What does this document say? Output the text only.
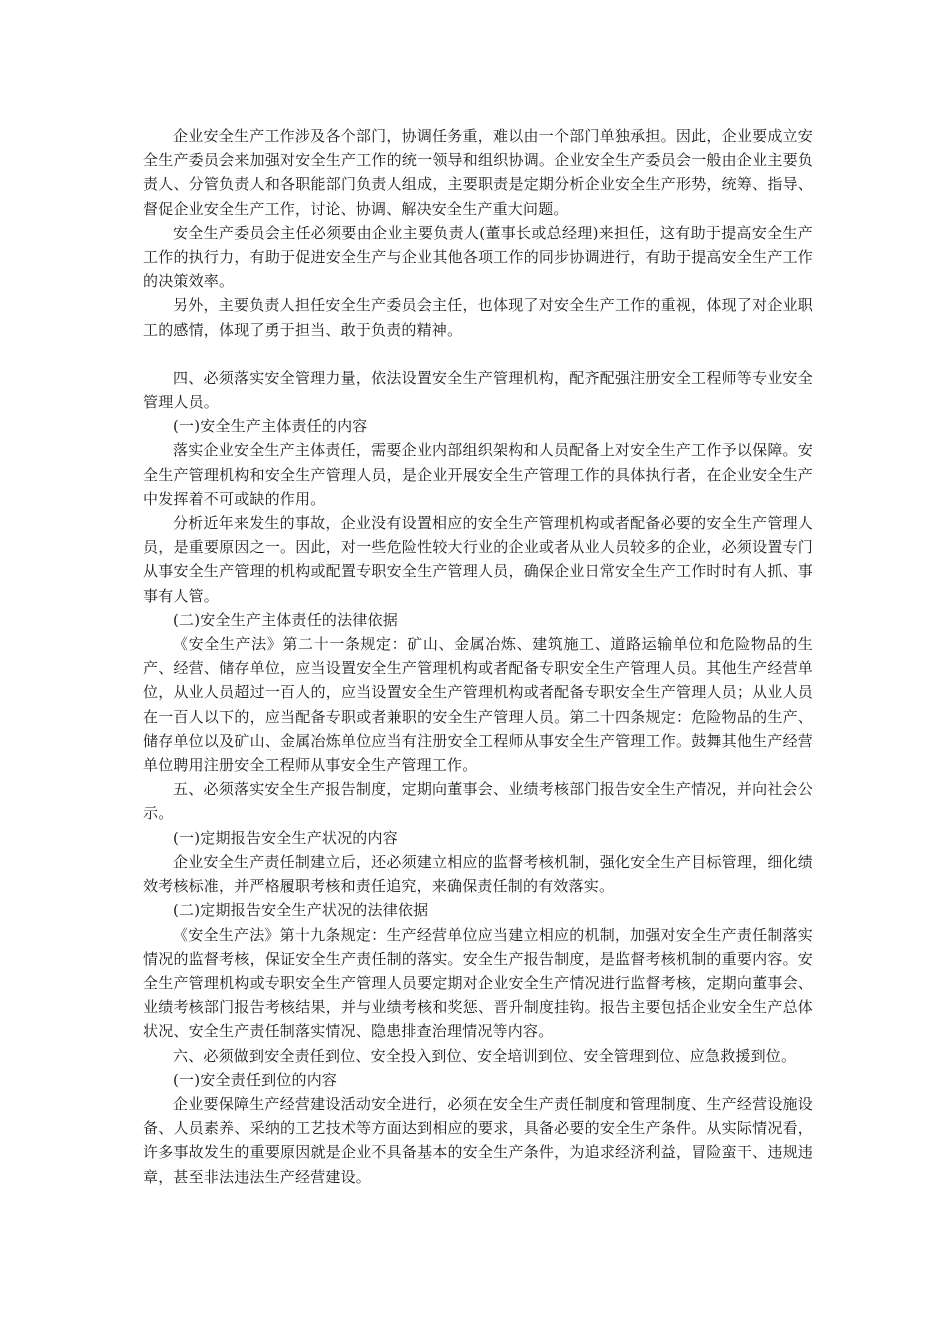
企业安全生产工作涉及各个部门，协调任务重，难以由一个部门单独承担。因此，企业要成立安全生产委员会来加强对安全生产工作的统一领导和组织协调。企业安全生产委员会一般由企业主要负责人、分管负责人和各职能部门负责人组成，主要职责是定期分析企业安全生产形势，统筹、指导、督促企业安全生产工作，讨论、协调、解决安全生产重大问题。

安全生产委员会主任必须要由企业主要负责人(董事长或总经理)来担任，这有助于提高安全生产工作的执行力，有助于促进安全生产与企业其他各项工作的同步协调进行，有助于提高安全生产工作的决策效率。

另外，主要负责人担任安全生产委员会主任，也体现了对安全生产工作的重视，体现了对企业职工的感情，体现了勇于担当、敢于负责的精神。

四、必须落实安全管理力量，依法设置安全生产管理机构，配齐配强注册安全工程师等专业安全管理人员。

(一)安全生产主体责任的内容

落实企业安全生产主体责任，需要企业内部组织架构和人员配备上对安全生产工作予以保障。安全生产管理机构和安全生产管理人员，是企业开展安全生产管理工作的具体执行者，在企业安全生产中发挥着不可或缺的作用。

分析近年来发生的事故，企业没有设置相应的安全生产管理机构或者配备必要的安全生产管理人员，是重要原因之一。因此，对一些危险性较大行业的企业或者从业人员较多的企业，必须设置专门从事安全生产管理的机构或配置专职安全生产管理人员，确保企业日常安全生产工作时时有人抓、事事有人管。

(二)安全生产主体责任的法律依据

《安全生产法》第二十一条规定：矿山、金属冶炼、建筑施工、道路运输单位和危险物品的生产、经营、储存单位，应当设置安全生产管理机构或者配备专职安全生产管理人员。其他生产经营单位，从业人员超过一百人的，应当设置安全生产管理机构或者配备专职安全生产管理人员；从业人员在一百人以下的，应当配备专职或者兼职的安全生产管理人员。第二十四条规定：危险物品的生产、储存单位以及矿山、金属冶炼单位应当有注册安全工程师从事安全生产管理工作。鼓舞其他生产经营单位聘用注册安全工程师从事安全生产管理工作。

五、必须落实安全生产报告制度，定期向董事会、业绩考核部门报告安全生产情况，并向社会公示。

(一)定期报告安全生产状况的内容

企业安全生产责任制建立后，还必须建立相应的监督考核机制，强化安全生产目标管理，细化绩效考核标准，并严格履职考核和责任追究，来确保责任制的有效落实。

(二)定期报告安全生产状况的法律依据

《安全生产法》第十九条规定：生产经营单位应当建立相应的机制，加强对安全生产责任制落实情况的监督考核，保证安全生产责任制的落实。安全生产报告制度，是监督考核机制的重要内容。安全生产管理机构或专职安全生产管理人员要定期对企业安全生产情况进行监督考核，定期向董事会、业绩考核部门报告考核结果，并与业绩考核和奖惩、晋升制度挂钩。报告主要包括企业安全生产总体状况、安全生产责任制落实情况、隐患排查治理情况等内容。

六、必须做到安全责任到位、安全投入到位、安全培训到位、安全管理到位、应急救援到位。

(一)安全责任到位的内容

企业要保障生产经营建设活动安全进行，必须在安全生产责任制度和管理制度、生产经营设施设备、人员素养、采纳的工艺技术等方面达到相应的要求，具备必要的安全生产条件。从实际情况看，许多事故发生的重要原因就是企业不具备基本的安全生产条件，为追求经济利益，冒险蛮干、违规违章，甚至非法违法生产经营建设。
